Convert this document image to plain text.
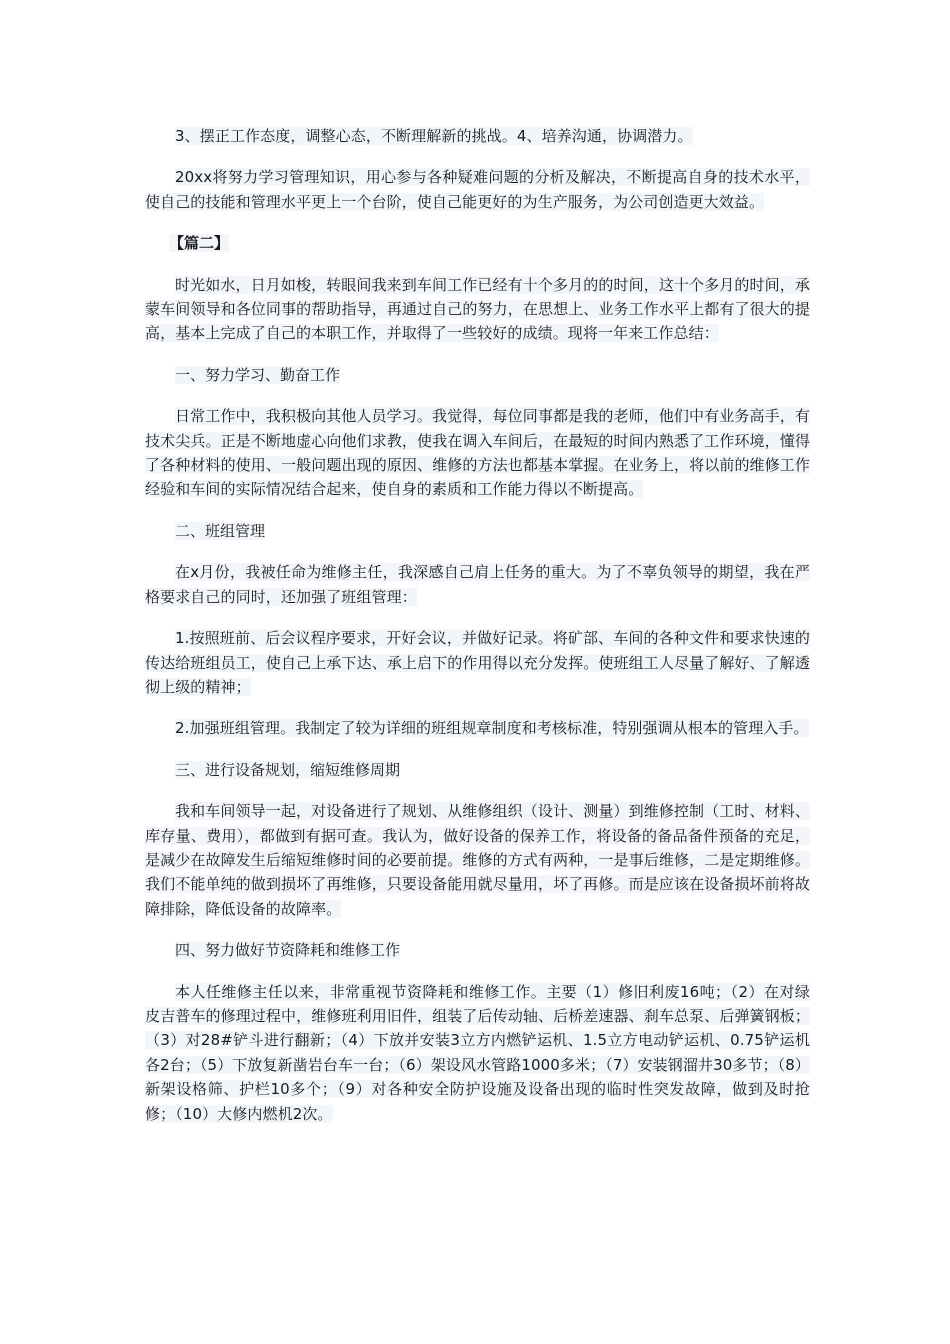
3、摆正工作态度，调整心态，不断理解新的挑战。4、培养沟通，协调潜力。

20xx将努力学习管理知识，用心参与各种疑难问题的分析及解决，不断提高自身的技术水平，使自己的技能和管理水平更上一个台阶，使自己能更好的为生产服务，为公司创造更大效益。

【篇二】

时光如水，日月如梭，转眼间我来到车间工作已经有十个多月的的时间，这十个多月的时间，承蒙车间领导和各位同事的帮助指导，再通过自己的努力，在思想上、业务工作水平上都有了很大的提高，基本上完成了自己的本职工作，并取得了一些较好的成绩。现将一年来工作总结：

一、努力学习、勤奋工作

日常工作中，我积极向其他人员学习。我觉得，每位同事都是我的老师，他们中有业务高手，有技术尖兵。正是不断地虚心向他们求教，使我在调入车间后，在最短的时间内熟悉了工作环境，懂得了各种材料的使用、一般问题出现的原因、维修的方法也都基本掌握。在业务上，将以前的维修工作经验和车间的实际情况结合起来，使自身的素质和工作能力得以不断提高。

二、班组管理

在x月份，我被任命为维修主任，我深感自己肩上任务的重大。为了不辜负领导的期望，我在严格要求自己的同时，还加强了班组管理：

1.按照班前、后会议程序要求，开好会议，并做好记录。将矿部、车间的各种文件和要求快速的传达给班组员工，使自己上承下达、承上启下的作用得以充分发挥。使班组工人尽量了解好、了解透彻上级的精神；

2.加强班组管理。我制定了较为详细的班组规章制度和考核标准，特别强调从根本的管理入手。

三、进行设备规划，缩短维修周期

我和车间领导一起，对设备进行了规划、从维修组织（设计、测量）到维修控制（工时、材料、库存量、费用），都做到有据可查。我认为，做好设备的保养工作，将设备的备品备件预备的充足，是减少在故障发生后缩短维修时间的必要前提。维修的方式有两种，一是事后维修，二是定期维修。我们不能单纯的做到损坏了再维修，只要设备能用就尽量用，坏了再修。而是应该在设备损坏前将故障排除，降低设备的故障率。

四、努力做好节资降耗和维修工作

本人任维修主任以来，非常重视节资降耗和维修工作。主要（1）修旧利废16吨；（2）在对绿皮吉普车的修理过程中，维修班利用旧件，组装了后传动轴、后桥差速器、刹车总泵、后弹簧钢板；（3）对28#铲斗进行翻新；（4）下放并安装3立方内燃铲运机、1.5立方电动铲运机、0.75铲运机各2台；（5）下放复新凿岩台车一台；（6）架设风水管路1000多米；（7）安装钢溜井30多节；（8）新架设格筛、护栏10多个；（9）对各种安全防护设施及设备出现的临时性突发故障，做到及时抢修；（10）大修内燃机2次。
